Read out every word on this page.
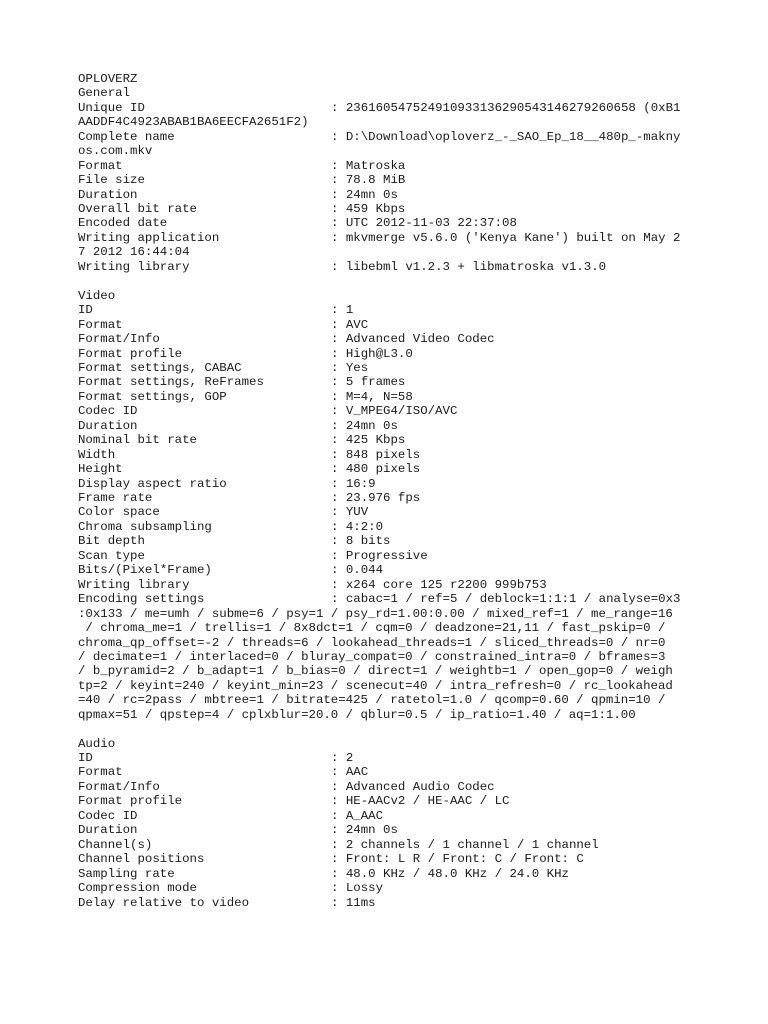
OPLOVERZ
General
Unique ID	: 236160547524910933136290543146279260658 (0xB1
AADDF4C4923ABAB1BA6EECFA2651F2)
Complete name	: D:\Download\oploverz_-_SAO_Ep_18__480p_-makny
os.com.mkv
Format	: Matroska
File size	: 78.8 MiB
Duration	: 24mn 0s
Overall bit rate	: 459 Kbps
Encoded date	: UTC 2012-11-03 22:37:08
Writing application	: mkvmerge v5.6.0 ('Kenya Kane') built on May 2
7 2012 16:44:04
Writing library	: libebml v1.2.3 + libmatroska v1.3.0
Video
ID	: 1
Format	: AVC
Format/Info	: Advanced Video Codec
Format profile	: High@L3.0
Format settings, CABAC	: Yes
Format settings, ReFrames	: 5 frames
Format settings, GOP	: M=4, N=58
Codec ID	: V_MPEG4/ISO/AVC
Duration	: 24mn 0s
Nominal bit rate	: 425 Kbps
Width	: 848 pixels
Height	: 480 pixels
Display aspect ratio	: 16:9
Frame rate	: 23.976 fps
Color space	: YUV
Chroma subsampling	: 4:2:0
Bit depth	: 8 bits
Scan type	: Progressive
Bits/(Pixel*Frame)	: 0.044
Writing library	: x264 core 125 r2200 999b753
Encoding settings	: cabac=1 / ref=5 / deblock=1:1:1 / analyse=0x3
:0x133 / me=umh / subme=6 / psy=1 / psy_rd=1.00:0.00 / mixed_ref=1 / me_range=16
/ chroma_me=1 / trellis=1 / 8x8dct=1 / cqm=0 / deadzone=21,11 / fast_pskip=0 /
chroma_qp_offset=-2 / threads=6 / lookahead_threads=1 / sliced_threads=0 / nr=0
/ decimate=1 / interlaced=0 / bluray_compat=0 / constrained_intra=0 / bframes=3
/ b_pyramid=2 / b_adapt=1 / b_bias=0 / direct=1 / weightb=1 / open_gop=0 / weigh
tp=2 / keyint=240 / keyint_min=23 / scenecut=40 / intra_refresh=0 / rc_lookahead
=40 / rc=2pass / mbtree=1 / bitrate=425 / ratetol=1.0 / qcomp=0.60 / qpmin=10 /
qpmax=51 / qpstep=4 / cplxblur=20.0 / qblur=0.5 / ip_ratio=1.40 / aq=1:1.00
Audio
ID	: 2
Format	: AAC
Format/Info	: Advanced Audio Codec
Format profile	: HE-AACv2 / HE-AAC / LC
Codec ID	: A_AAC
Duration	: 24mn 0s
Channel(s)	: 2 channels / 1 channel / 1 channel
Channel positions	: Front: L R / Front: C / Front: C
Sampling rate	: 48.0 KHz / 48.0 KHz / 24.0 KHz
Compression mode	: Lossy
Delay relative to video	: 11ms
